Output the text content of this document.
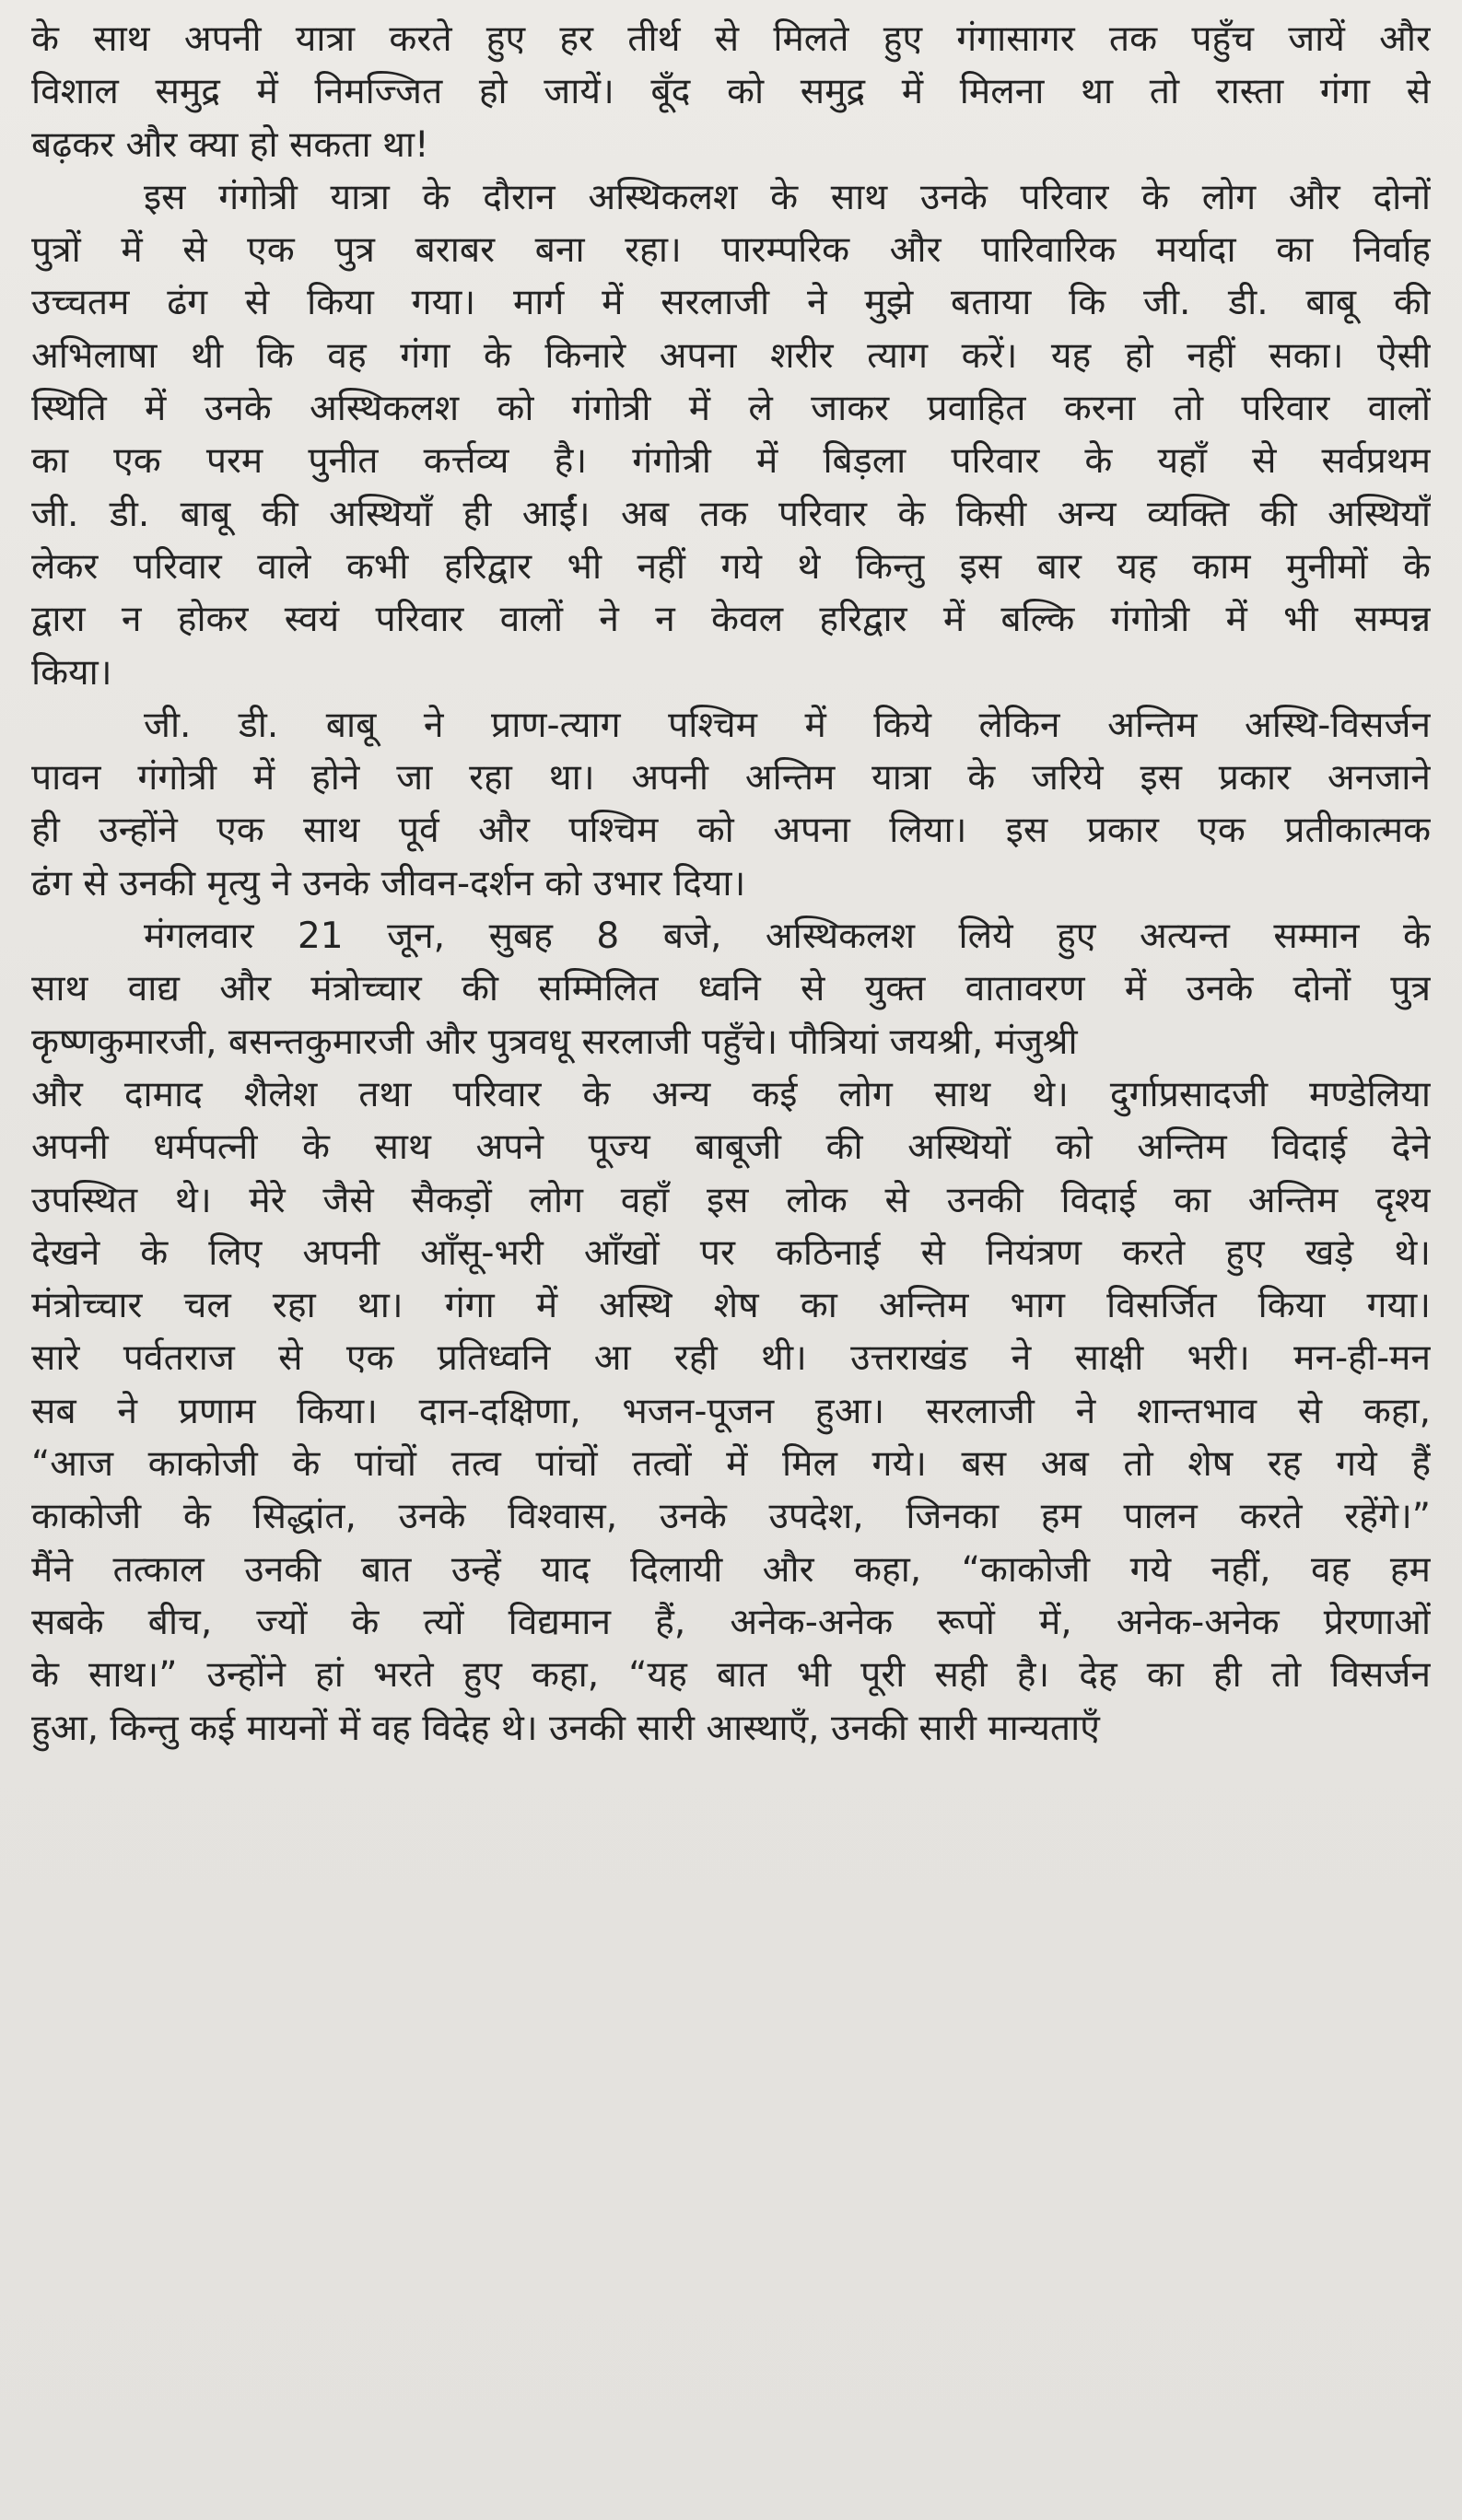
के साथ अपनी यात्रा करते हुए हर तीर्थ से मिलते हुए गंगासागर तक पहुँच जायें और
विशाल समुद्र में निमज्जित हो जायें। बूँद को समुद्र में मिलना था तो रास्ता गंगा से
बढ़कर और क्या हो सकता था!
इस गंगोत्री यात्रा के दौरान अस्थिकलश के साथ उनके परिवार के लोग और दोनों
पुत्रों में से एक पुत्र बराबर बना रहा। पारम्परिक और पारिवारिक मर्यादा का निर्वाह
उच्चतम ढंग से किया गया। मार्ग में सरलाजी ने मुझे बताया कि जी. डी. बाबू की
अभिलाषा थी कि वह गंगा के किनारे अपना शरीर त्याग करें। यह हो नहीं सका। ऐसी
स्थिति में उनके अस्थिकलश को गंगोत्री में ले जाकर प्रवाहित करना तो परिवार वालों
का एक परम पुनीत कर्त्तव्य है। गंगोत्री में बिड़ला परिवार के यहाँ से सर्वप्रथम
जी. डी. बाबू की अस्थियाँ ही आईं। अब तक परिवार के किसी अन्य व्यक्ति की अस्थियाँ
लेकर परिवार वाले कभी हरिद्वार भी नहीं गये थे किन्तु इस बार यह काम मुनीमों के
द्वारा न होकर स्वयं परिवार वालों ने न केवल हरिद्वार में बल्कि गंगोत्री में भी सम्पन्न
किया।
जी. डी. बाबू ने प्राण-त्याग पश्चिम में किये लेकिन अन्तिम अस्थि-विसर्जन
पावन गंगोत्री में होने जा रहा था। अपनी अन्तिम यात्रा के जरिये इस प्रकार अनजाने
ही उन्होंने एक साथ पूर्व और पश्चिम को अपना लिया। इस प्रकार एक प्रतीकात्मक
ढंग से उनकी मृत्यु ने उनके जीवन-दर्शन को उभार दिया।
मंगलवार 21 जून, सुबह 8 बजे, अस्थिकलश लिये हुए अत्यन्त सम्मान के
साथ वाद्य और मंत्रोच्चार की सम्मिलित ध्वनि से युक्त वातावरण में उनके दोनों पुत्र
कृष्णकुमारजी, बसन्तकुमारजी और पुत्रवधू सरलाजी पहुँचे। पौत्रियां जयश्री, मंजुश्री
और दामाद शैलेश तथा परिवार के अन्य कई लोग साथ थे। दुर्गाप्रसादजी मण्डेलिया
अपनी धर्मपत्नी के साथ अपने पूज्य बाबूजी की अस्थियों को अन्तिम विदाई देने
उपस्थित थे। मेरे जैसे सैकड़ों लोग वहाँ इस लोक से उनकी विदाई का अन्तिम दृश्य
देखने के लिए अपनी आँसू-भरी आँखों पर कठिनाई से नियंत्रण करते हुए खड़े थे।
मंत्रोच्चार चल रहा था। गंगा में अस्थि शेष का अन्तिम भाग विसर्जित किया गया।
सारे पर्वतराज से एक प्रतिध्वनि आ रही थी। उत्तराखंड ने साक्षी भरी। मन-ही-मन
सब ने प्रणाम किया। दान-दक्षिणा, भजन-पूजन हुआ। सरलाजी ने शान्तभाव से कहा,
“आज काकोजी के पांचों तत्व पांचों तत्वों में मिल गये। बस अब तो शेष रह गये हैं
काकोजी के सिद्धांत, उनके विश्वास, उनके उपदेश, जिनका हम पालन करते रहेंगे।”
मैंने तत्काल उनकी बात उन्हें याद दिलायी और कहा, “काकोजी गये नहीं, वह हम
सबके बीच, ज्यों के त्यों विद्यमान हैं, अनेक-अनेक रूपों में, अनेक-अनेक प्रेरणाओं
के साथ।” उन्होंने हां भरते हुए कहा, “यह बात भी पूरी सही है। देह का ही तो विसर्जन
हुआ, किन्तु कई मायनों में वह विदेह थे। उनकी सारी आस्थाएँ, उनकी सारी मान्यताएँ
